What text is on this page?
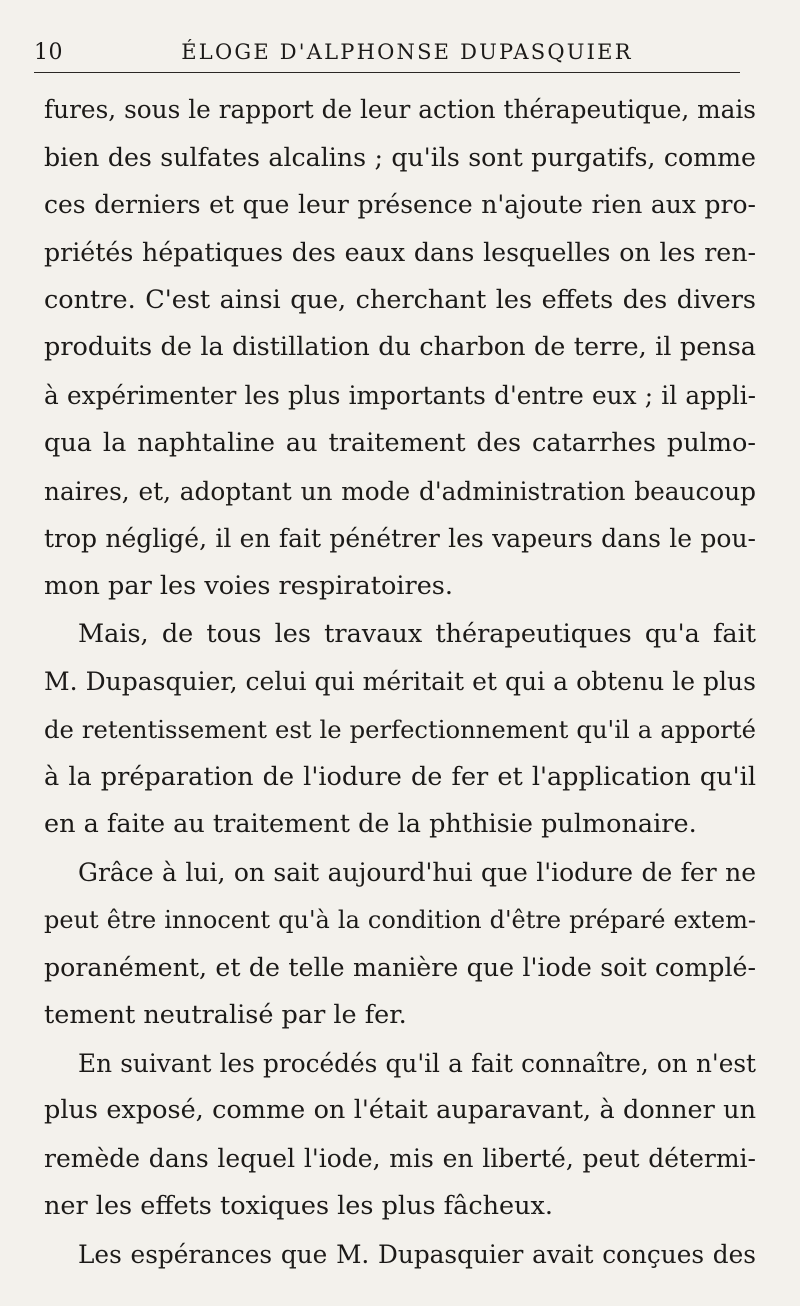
10	ÉLOGE D'ALPHONSE DUPASQUIER
fures, sous le rapport de leur action thérapeutique, mais
bien des sulfates alcalins ; qu'ils sont purgatifs, comme
ces derniers et que leur présence n'ajoute rien aux pro-
priétés hépatiques des eaux dans lesquelles on les ren-
contre. C'est ainsi que, cherchant les effets des divers
produits de la distillation du charbon de terre, il pensa
à expérimenter les plus importants d'entre eux ; il appli-
qua la naphtaline au traitement des catarrhes pulmo-
naires, et, adoptant un mode d'administration beaucoup
trop négligé, il en fait pénétrer les vapeurs dans le pou-
mon par les voies respiratoires.
Mais, de tous les travaux thérapeutiques qu'a fait
M. Dupasquier, celui qui méritait et qui a obtenu le plus
de retentissement est le perfectionnement qu'il a apporté
à la préparation de l'iodure de fer et l'application qu'il
en a faite au traitement de la phthisie pulmonaire.
Grâce à lui, on sait aujourd'hui que l'iodure de fer ne
peut être innocent qu'à la condition d'être préparé extem-
poranément, et de telle manière que l'iode soit complé-
tement neutralisé par le fer.
En suivant les procédés qu'il a fait connaître, on n'est
plus exposé, comme on l'était auparavant, à donner un
remède dans lequel l'iode, mis en liberté, peut détermi-
ner les effets toxiques les plus fâcheux.
Les espérances que M. Dupasquier avait conçues des
